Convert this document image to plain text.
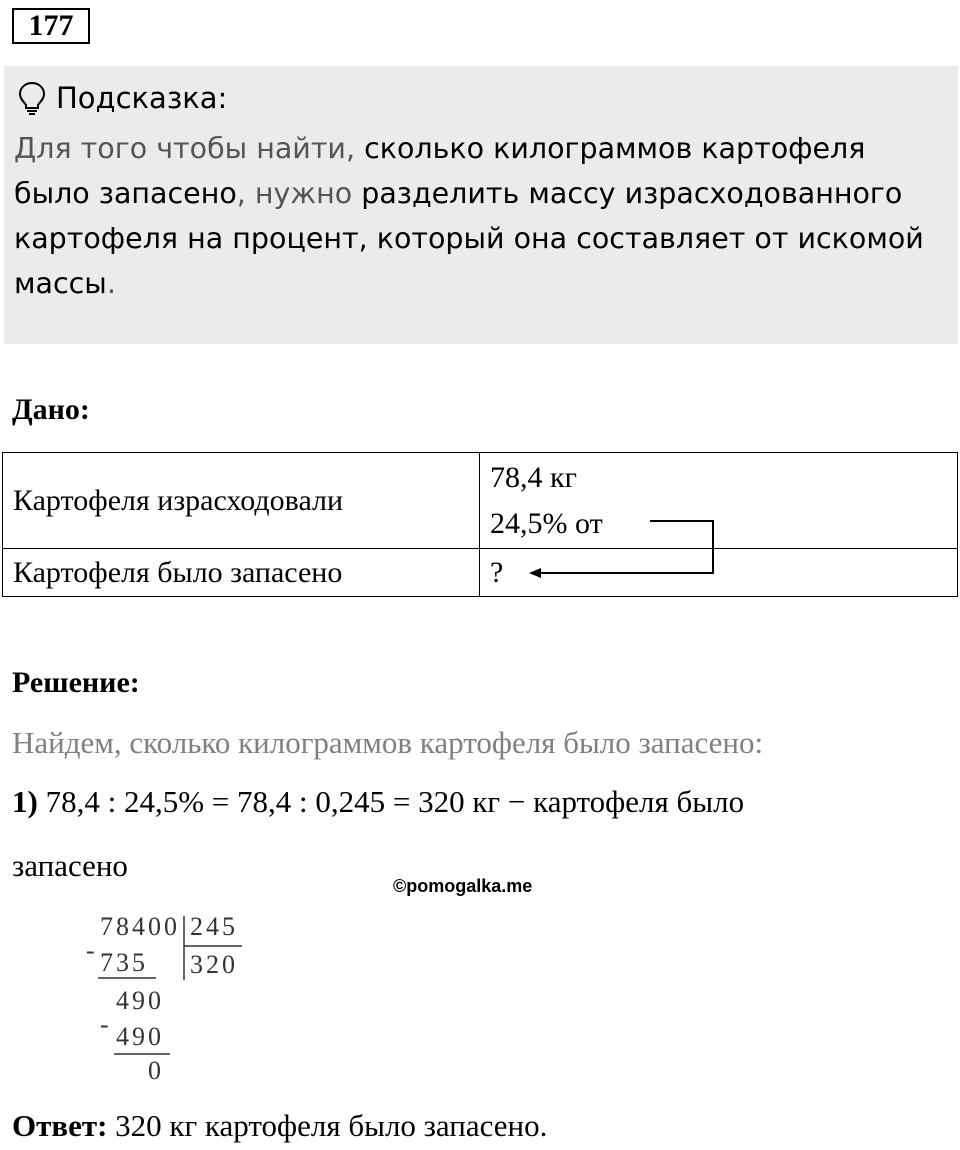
177
Подсказка:
Для того чтобы найти, сколько килограммов картофеля было запасено, нужно разделить массу израсходованного картофеля на процент, который она составляет от искомой массы.
Дано:
Картофеля израсходовали	78,4 кг
24,5% от

Картофеля было запасено	?
Решение:
Найдем, сколько килограммов картофеля было запасено:
1) 78,4 : 24,5% = 78,4 : 0,245 = 320 кг − картофеля было
запасено
©pomogalka.me
78400 245
320
- 735
490
- 490
0
Ответ: 320 кг картофеля было запасено.
